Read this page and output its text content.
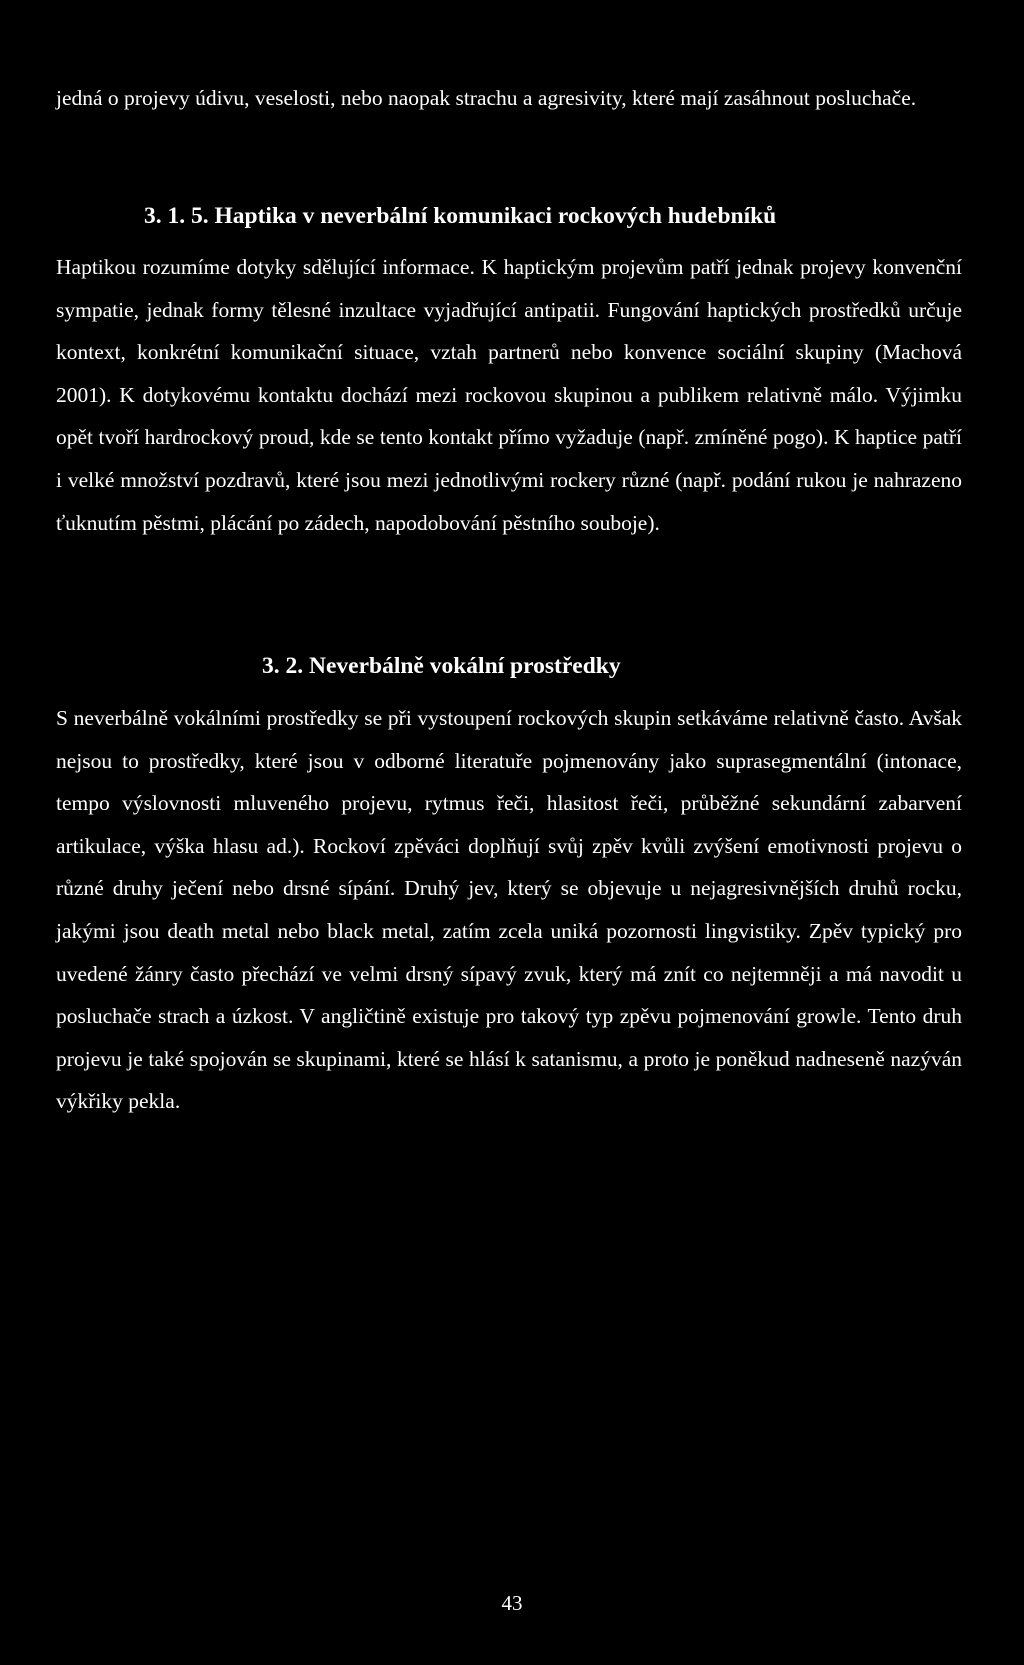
jedná o projevy údivu, veselosti, nebo naopak strachu a agresivity, které mají zasáhnout posluchače.

3. 1. 5. Haptika v neverbální komunikaci rockových hudebníků

Haptikou rozumíme dotyky sdělující informace. K haptickým projevům patří jednak projevy konvenční sympatie, jednak formy tělesné inzultace vyjadřující antipatii. Fungování haptických prostředků určuje kontext, konkrétní komunikační situace, vztah partnerů nebo konvence sociální skupiny (Machová 2001). K dotykovému kontaktu dochází mezi rockovou skupinou a publikem relativně málo. Výjimku opět tvoří hardrockový proud, kde se tento kontakt přímo vyžaduje (např. zmíněné pogo). K haptice patří i velké množství pozdravů, které jsou mezi jednotlivými rockery různé (např. podání rukou je nahrazeno ťuknutím pěstmi, plácání po zádech, napodobování pěstního souboje).

3. 2. Neverbálně vokální prostředky

S neverbálně vokálními prostředky se při vystoupení rockových skupin setkáváme relativně často. Avšak nejsou to prostředky, které jsou v odborné literatuře pojmenovány jako suprasegmentální (intonace, tempo výslovnosti mluveného projevu, rytmus řeči, hlasitost řeči, průběžné sekundární zabarvení artikulace, výška hlasu ad.). Rockoví zpěváci doplňují svůj zpěv kvůli zvýšení emotivnosti projevu o různé druhy ječení nebo drsné sípání. Druhý jev, který se objevuje u nejagresivnějších druhů rocku, jakými jsou death metal nebo black metal, zatím zcela uniká pozornosti lingvistiky. Zpěv typický pro uvedené žánry často přechází ve velmi drsný sípavý zvuk, který má znít co nejtemněji a má navodit u posluchače strach a úzkost. V angličtině existuje pro takový typ zpěvu pojmenování growle. Tento druh projevu je také spojován se skupinami, které se hlásí k satanismu, a proto je poněkud nadneseně nazýván výkřiky pekla.

43
